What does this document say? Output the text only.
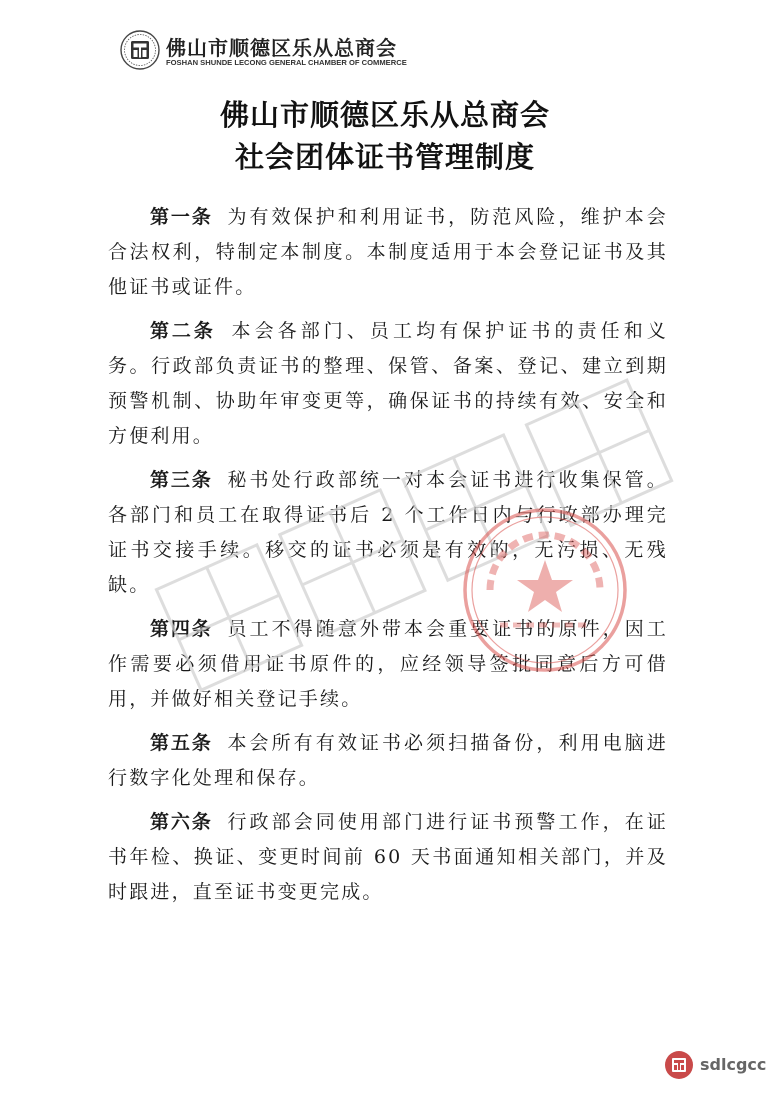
佛山市顺德区乐从总商会
FOSHAN SHUNDE LECONG GENERAL CHAMBER OF COMMERCE
佛山市顺德区乐从总商会
社会团体证书管理制度

第一条 为有效保护和利用证书，防范风险，维护本会合法权利，特制定本制度。本制度适用于本会登记证书及其他证书或证件。

第二条 本会各部门、员工均有保护证书的责任和义务。行政部负责证书的整理、保管、备案、登记、建立到期预警机制、协助年审变更等，确保证书的持续有效、安全和方便利用。

第三条 秘书处行政部统一对本会证书进行收集保管。各部门和员工在取得证书后 2 个工作日内与行政部办理完证书交接手续。移交的证书必须是有效的，无污损、无残缺。

第四条 员工不得随意外带本会重要证书的原件，因工作需要必须借用证书原件的，应经领导签批同意后方可借用，并做好相关登记手续。

第五条 本会所有有效证书必须扫描备份，利用电脑进行数字化处理和保存。

第六条 行政部会同使用部门进行证书预警工作，在证书年检、换证、变更时间前 60 天书面通知相关部门，并及时跟进，直至证书变更完成。

sdlcgcc
